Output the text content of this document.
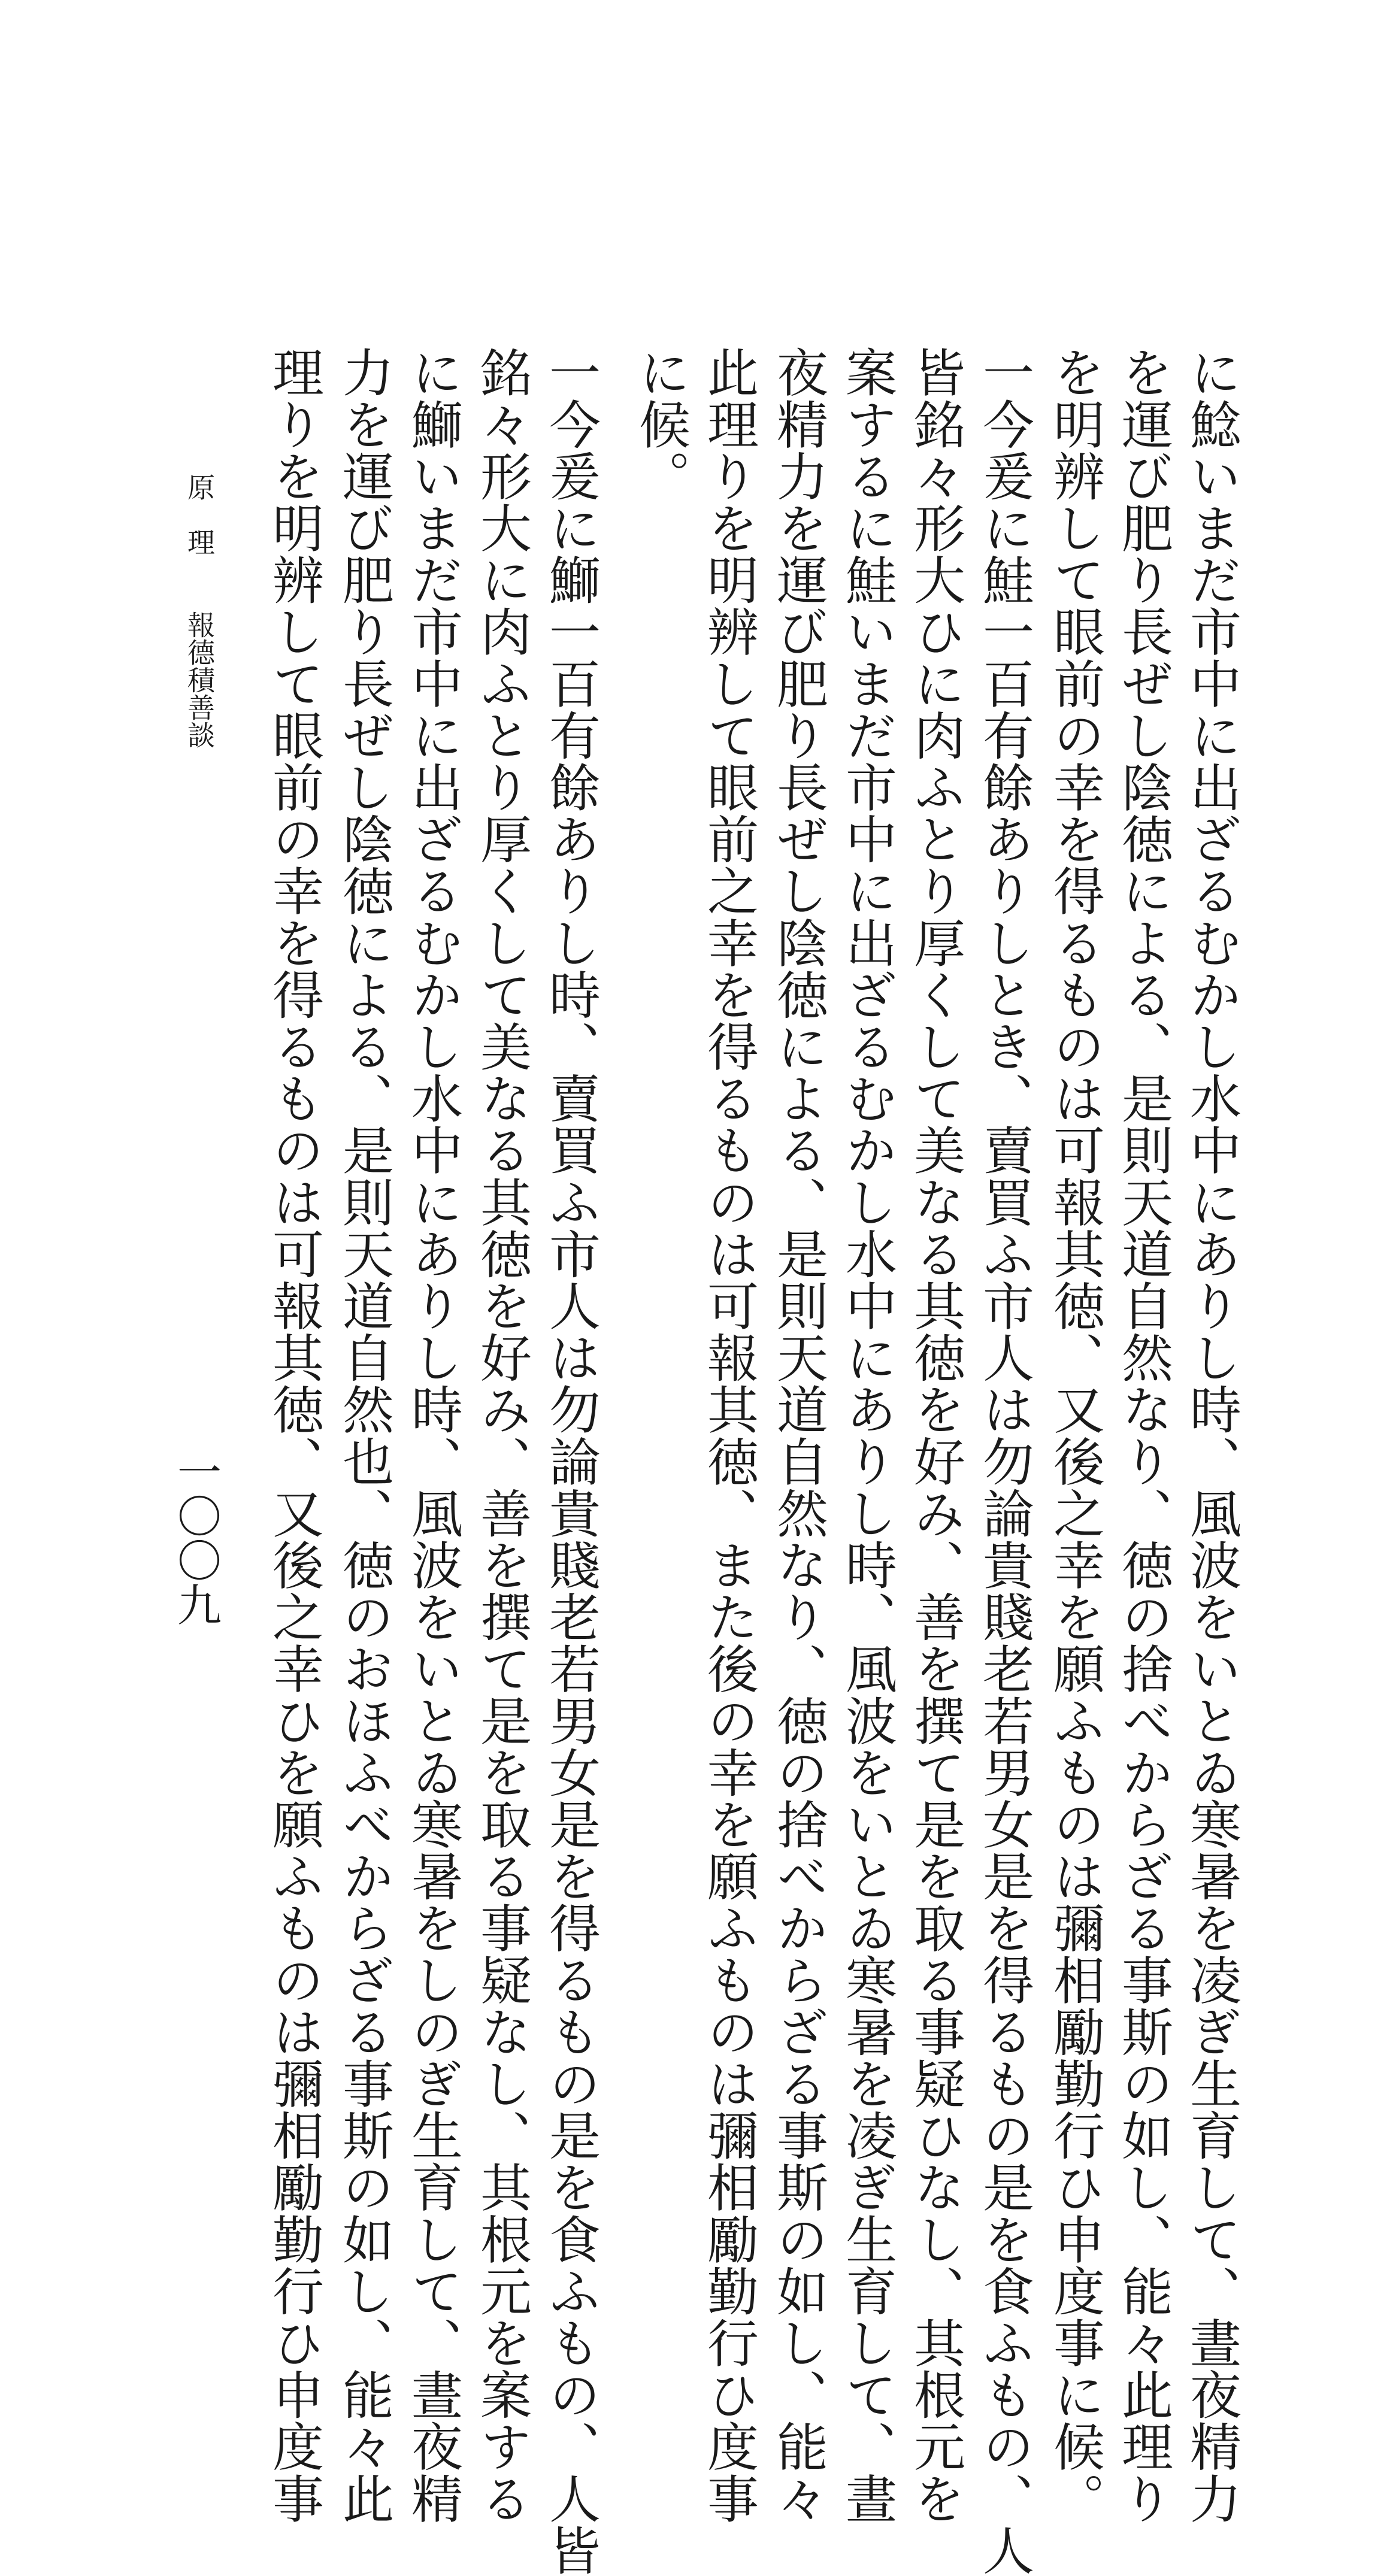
に鯰いまだ市中に出ざるむかし水中にありし時、風波をいとゐ寒暑を凌ぎ生育して、晝夜精力
を運び肥り長ぜし陰徳による、是則天道自然なり、徳の捨べからざる事斯の如し、能々此理り
を明辨して眼前の幸を得るものは可報其徳、又後之幸を願ふものは彌相勵勤行ひ申度事に候。
一今爰に鮭一百有餘ありしとき、賣買ふ市人は勿論貴賤老若男女是を得るもの是を食ふもの、人
皆銘々形大ひに肉ふとり厚くして美なる其徳を好み、善を撰て是を取る事疑ひなし、其根元を
案するに鮭いまだ市中に出ざるむかし水中にありし時、風波をいとゐ寒暑を凌ぎ生育して、晝
夜精力を運び肥り長ぜし陰徳による、是則天道自然なり、徳の捨べからざる事斯の如し、能々
此理りを明辨して眼前之幸を得るものは可報其徳、また後の幸を願ふものは彌相勵勤行ひ度事
に候。
一今爰に鰤一百有餘ありし時、賣買ふ市人は勿論貴賤老若男女是を得るもの是を食ふもの、人皆
銘々形大に肉ふとり厚くして美なる其徳を好み、善を撰て是を取る事疑なし、其根元を案する
に鰤いまだ市中に出ざるむかし水中にありし時、風波をいとゐ寒暑をしのぎ生育して、晝夜精
力を運び肥り長ぜし陰徳による、是則天道自然也、徳のおほふべからざる事斯の如し、能々此
理りを明辨して眼前の幸を得るものは可報其徳、又後之幸ひを願ふものは彌相勵勤行ひ申度事
原　理　　報德積善談
一〇〇九
